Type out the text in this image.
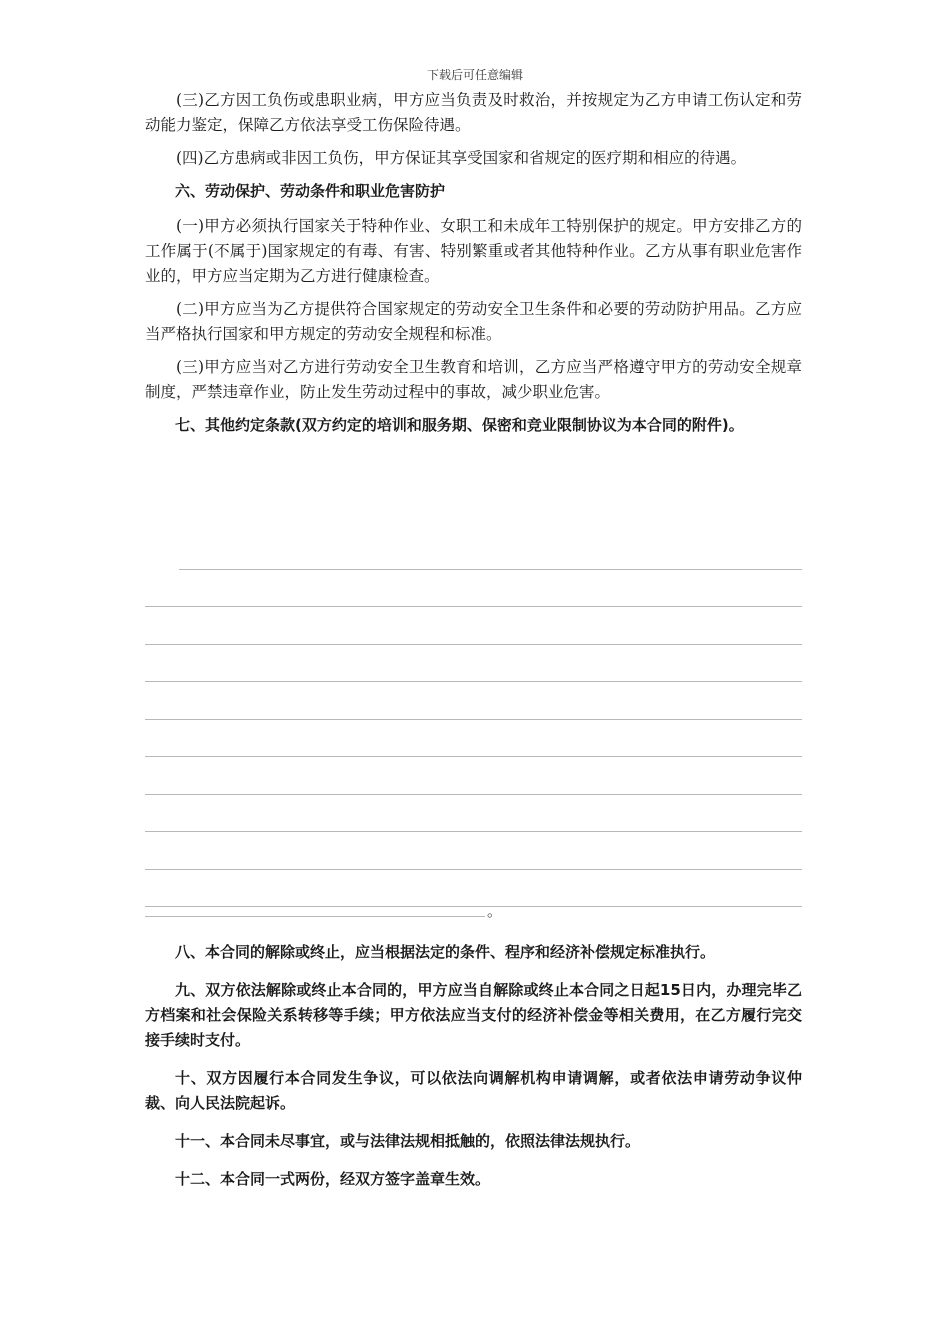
下载后可任意编辑

(三)乙方因工负伤或患职业病，甲方应当负责及时救治，并按规定为乙方申请工伤认定和劳动能力鉴定，保障乙方依法享受工伤保险待遇。

(四)乙方患病或非因工负伤，甲方保证其享受国家和省规定的医疗期和相应的待遇。

六、劳动保护、劳动条件和职业危害防护

(一)甲方必须执行国家关于特种作业、女职工和未成年工特别保护的规定。甲方安排乙方的工作属于(不属于)国家规定的有毒、有害、特别繁重或者其他特种作业。乙方从事有职业危害作业的，甲方应当定期为乙方进行健康检查。

(二)甲方应当为乙方提供符合国家规定的劳动安全卫生条件和必要的劳动防护用品。乙方应当严格执行国家和甲方规定的劳动安全规程和标准。

(三)甲方应当对乙方进行劳动安全卫生教育和培训，乙方应当严格遵守甲方的劳动安全规章制度，严禁违章作业，防止发生劳动过程中的事故，减少职业危害。

七、其他约定条款(双方约定的培训和服务期、保密和竞业限制协议为本合同的附件)。

。

八、本合同的解除或终止，应当根据法定的条件、程序和经济补偿规定标准执行。

九、双方依法解除或终止本合同的，甲方应当自解除或终止本合同之日起15日内，办理完毕乙方档案和社会保险关系转移等手续；甲方依法应当支付的经济补偿金等相关费用，在乙方履行完交接手续时支付。

十、双方因履行本合同发生争议，可以依法向调解机构申请调解，或者依法申请劳动争议仲裁、向人民法院起诉。

十一、本合同未尽事宜，或与法律法规相抵触的，依照法律法规执行。

十二、本合同一式两份，经双方签字盖章生效。
